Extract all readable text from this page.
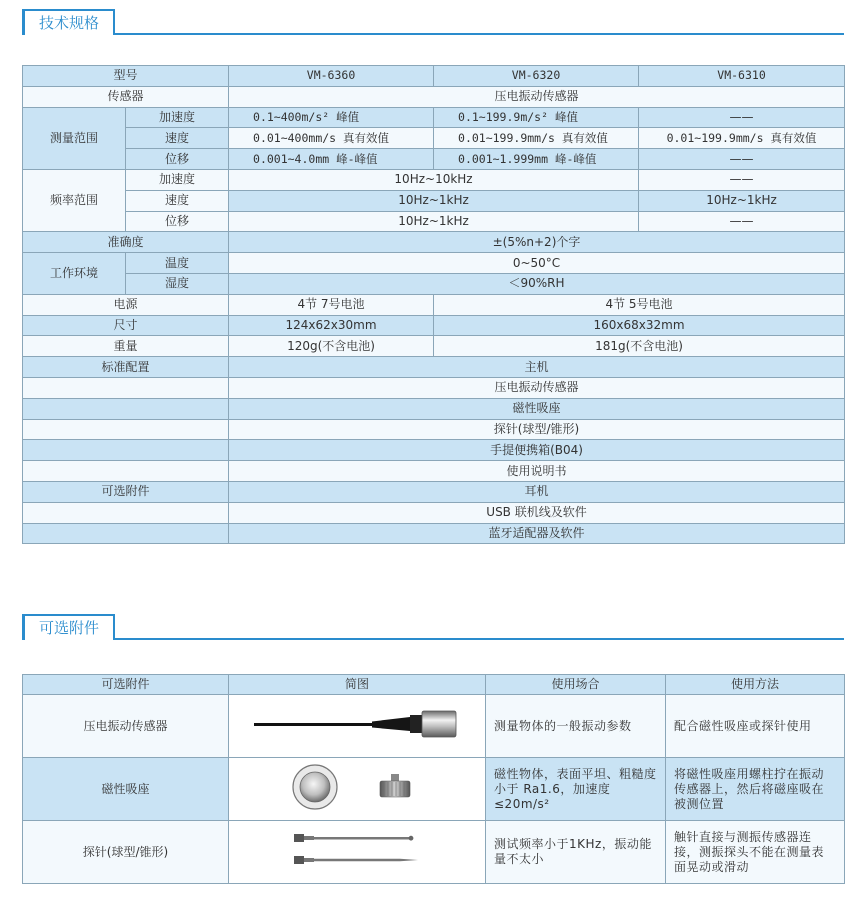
技术规格
型号		VM-6360	VM-6320	VM-6310
传感器		压电振动传感器		
测量范围	加速度	0.1~400m/s² 峰值	0.1~199.9m/s² 峰值	——
	速度	0.01~400mm/s 真有效值	0.01~199.9mm/s 真有效值	0.01~199.9mm/s 真有效值
	位移	0.001~4.0mm 峰-峰值	0.001~1.999mm 峰-峰值	——
频率范围	加速度	10Hz~10kHz		——
	速度	10Hz~1kHz		10Hz~1kHz
	位移	10Hz~1kHz		——
准确度		±(5%n+2)个字		
工作环境	温度	0~50°C		
	湿度	＜90%RH		
电源		4节 7号电池	4节 5号电池	
尺寸		124x62x30mm	160x68x32mm	
重量		120g(不含电池)	181g(不含电池)	
标准配置		主机		
		压电振动传感器		
		磁性吸座		
		探针(球型/锥形)		
		手提便携箱(B04)		
		使用说明书		
可选附件		耳机		
		USB 联机线及软件		
		蓝牙适配器及软件		
可选附件
可选附件	简图	使用场合	使用方法
压电振动传感器		测量物体的一般振动参数	配合磁性吸座或探针使用
磁性吸座		磁性物体，表面平坦、粗糙度小于 Ra1.6，加速度≤20m/s²	将磁性吸座用螺柱拧在振动传感器上，然后将磁座吸在被测位置
探针(球型/锥形)		测试频率小于1KHz，振动能量不太小	触针直接与测振传感器连接，测振探头不能在测量表面晃动或滑动
